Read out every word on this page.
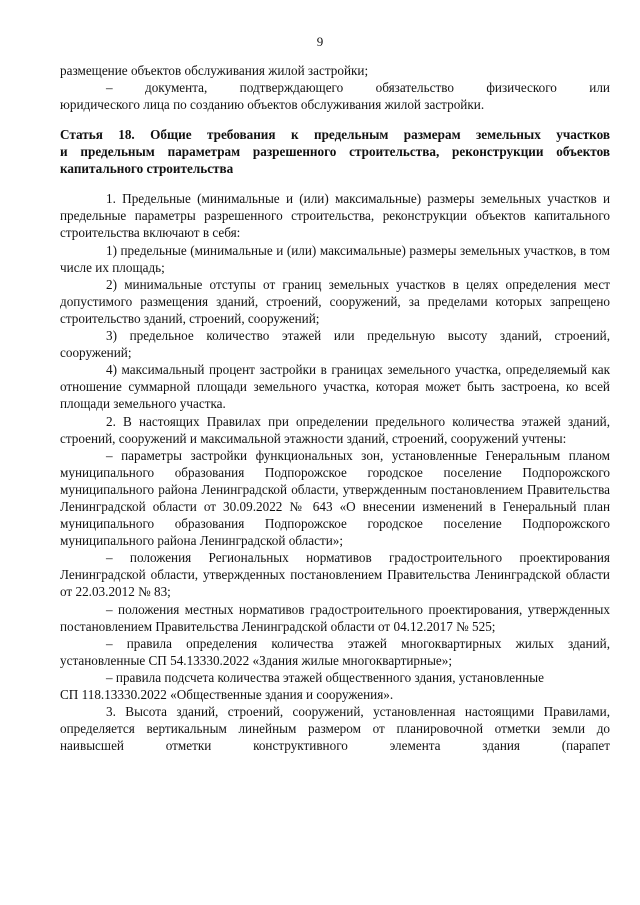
9

размещение объектов обслуживания жилой застройки;

– документа, подтверждающего обязательство физического или

юридического лица по созданию объектов обслуживания жилой застройки.

Статья 18. Общие требования к предельным размерам земельных участков
и предельным параметрам разрешенного строительства, реконструкции объектов
капитального строительства

1. Предельные (минимальные и (или) максимальные) размеры земельных участков и предельные параметры разрешенного строительства, реконструкции объектов капитального строительства включают в себя:

1) предельные (минимальные и (или) максимальные) размеры земельных участков, в том числе их площадь;

2) минимальные отступы от границ земельных участков в целях определения мест допустимого размещения зданий, строений, сооружений, за пределами которых запрещено строительство зданий, строений, сооружений;

3) предельное количество этажей или предельную высоту зданий, строений, сооружений;

4) максимальный процент застройки в границах земельного участка, определяемый как отношение суммарной площади земельного участка, которая может быть застроена, ко всей площади земельного участка.

2. В настоящих Правилах при определении предельного количества этажей зданий, строений, сооружений и максимальной этажности зданий, строений, сооружений учтены:

– параметры застройки функциональных зон, установленные Генеральным планом муниципального образования Подпорожское городское поселение Подпорожского муниципального района Ленинградской области, утвержденным постановлением Правительства Ленинградской области от 30.09.2022 № 643 «О внесении изменений в Генеральный план муниципального образования Подпорожское городское поселение Подпорожского муниципального района Ленинградской области»;

– положения Региональных нормативов градостроительного проектирования Ленинградской области, утвержденных постановлением Правительства Ленинградской области от 22.03.2012 № 83;

– положения местных нормативов градостроительного проектирования, утвержденных постановлением Правительства Ленинградской области от 04.12.2017 № 525;

– правила определения количества этажей многоквартирных жилых зданий, установленные СП 54.13330.2022 «Здания жилые многоквартирные»;

– правила подсчета количества этажей общественного здания, установленные

СП 118.13330.2022 «Общественные здания и сооружения».

3. Высота зданий, строений, сооружений, установленная настоящими Правилами, определяется вертикальным линейным размером от планировочной отметки земли до наивысшей отметки конструктивного элемента здания (парапет
